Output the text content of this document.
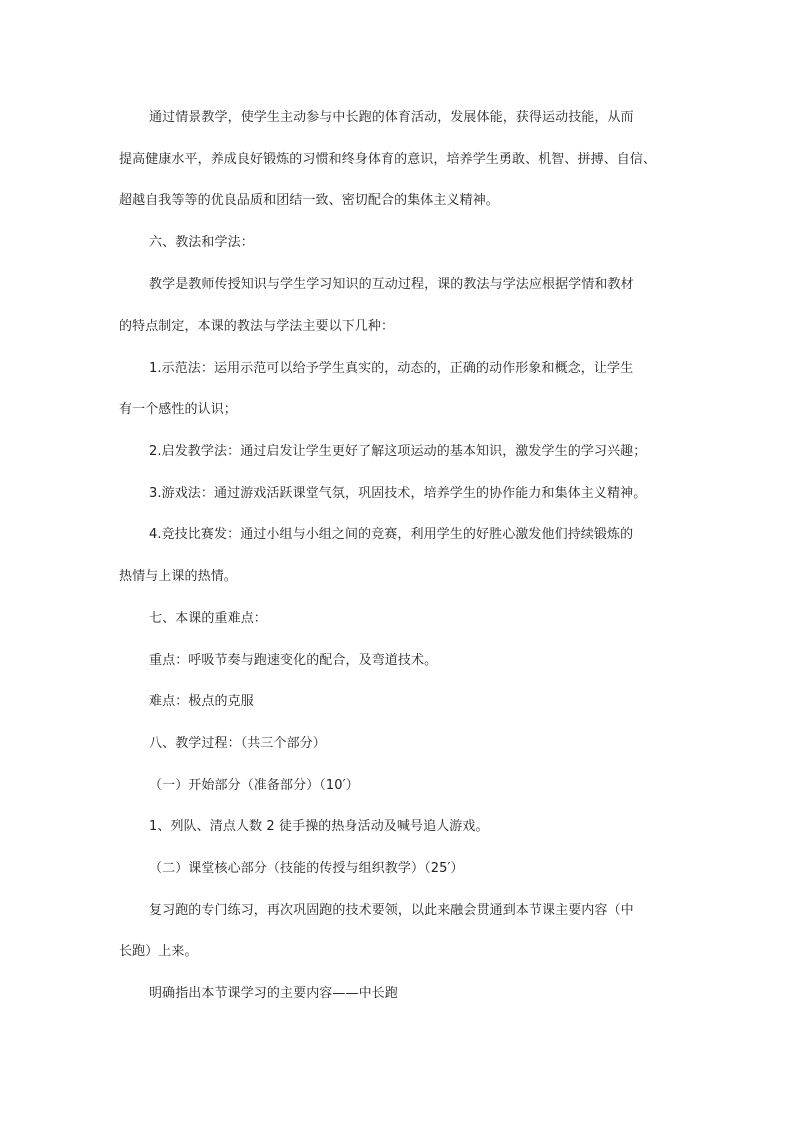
通过情景教学，使学生主动参与中长跑的体育活动，发展体能，获得运动技能，从而

提高健康水平，养成良好锻炼的习惯和终身体育的意识，培养学生勇敢、机智、拼搏、自信、

超越自我等等的优良品质和团结一致、密切配合的集体主义精神。

六、教法和学法：

教学是教师传授知识与学生学习知识的互动过程，课的教法与学法应根据学情和教材

的特点制定，本课的教法与学法主要以下几种：

1.示范法：运用示范可以给予学生真实的，动态的，正确的动作形象和概念，让学生

有一个感性的认识；

2.启发教学法：通过启发让学生更好了解这项运动的基本知识，激发学生的学习兴趣；

3.游戏法：通过游戏活跃课堂气氛，巩固技术，培养学生的协作能力和集体主义精神。

4.竞技比赛发：通过小组与小组之间的竞赛，利用学生的好胜心激发他们持续锻炼的

热情与上课的热情。

七、本课的重难点：

重点：呼吸节奏与跑速变化的配合，及弯道技术。

难点：极点的克服

八、教学过程：（共三个部分）

（一）开始部分（准备部分）（10′）

1、列队、清点人数 2 徒手操的热身活动及喊号追人游戏。

（二）课堂核心部分（技能的传授与组织教学）（25′）

复习跑的专门练习，再次巩固跑的技术要领，以此来融会贯通到本节课主要内容（中

长跑）上来。

明确指出本节课学习的主要内容——中长跑
